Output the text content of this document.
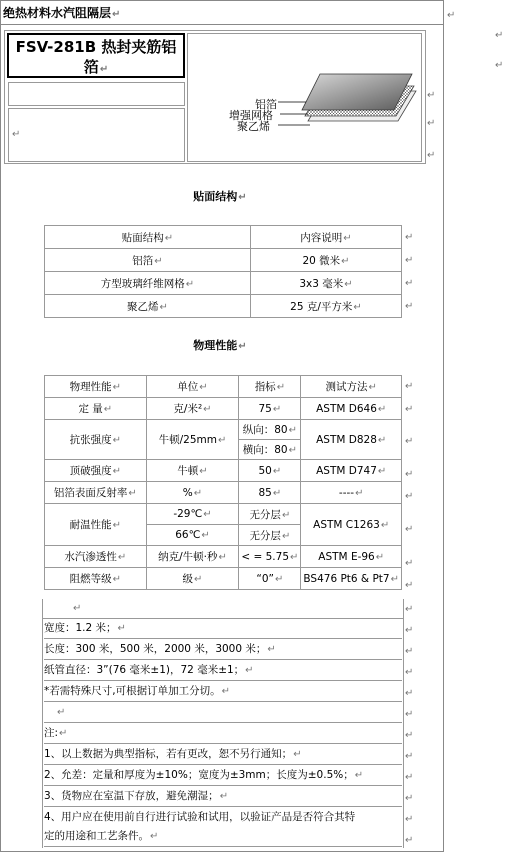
绝热材料水汽阻隔层↵
FSV-281B 热封夹筋铝箔↵
↵
铝箔
增强网格
聚乙烯
↵
↵
↵
贴面结构↵
贴面结构↵	内容说明↵
铝箔↵	20 微米↵
方型玻璃纤维网格↵	3x3 毫米↵
聚乙烯↵	25 克/平方米↵
物理性能↵
物理性能↵	单位↵	指标↵	测试方法↵
定 量↵	克/米²↵	75↵	ASTM D646↵
抗张强度↵	牛顿/25mm↵	纵向：80↵	ASTM D828↵
		横向：80↵	
顶破强度↵	牛顿↵	50↵	ASTM D747↵
铝箔表面反射率↵	%↵	85↵	----↵
耐温性能↵	-29℃↵	无分层↵	ASTM C1263↵
	66℃↵	无分层↵	
水汽渗透性↵	纳克/牛顿·秒↵	< = 5.75↵	ASTM E-96↵
阻燃等级↵	级↵	“0”↵	BS476 Pt6 & Pt7↵
↵
宽度：1.2 米；↵
长度：300 米，500 米，2000 米，3000 米；↵
纸管直径：3”(76 毫米±1)，72 毫米±1；↵
*若需特殊尺寸,可根据订单加工分切。↵
↵
注:↵
1、以上数据为典型指标，若有更改，恕不另行通知；↵
2、允差：定量和厚度为±10%；宽度为±3mm；长度为±0.5%；↵
3、货物应在室温下存放，避免潮湿；↵
4、用户应在使用前自行进行试验和试用，以验证产品是否符合其特
定的用途和工艺条件。↵
↵
↵
↵
↵
↵
↵
↵
↵
↵
↵
↵
↵
↵
↵
↵
↵
↵
↵
↵
↵
↵
↵
↵
↵
↵
↵
↵
